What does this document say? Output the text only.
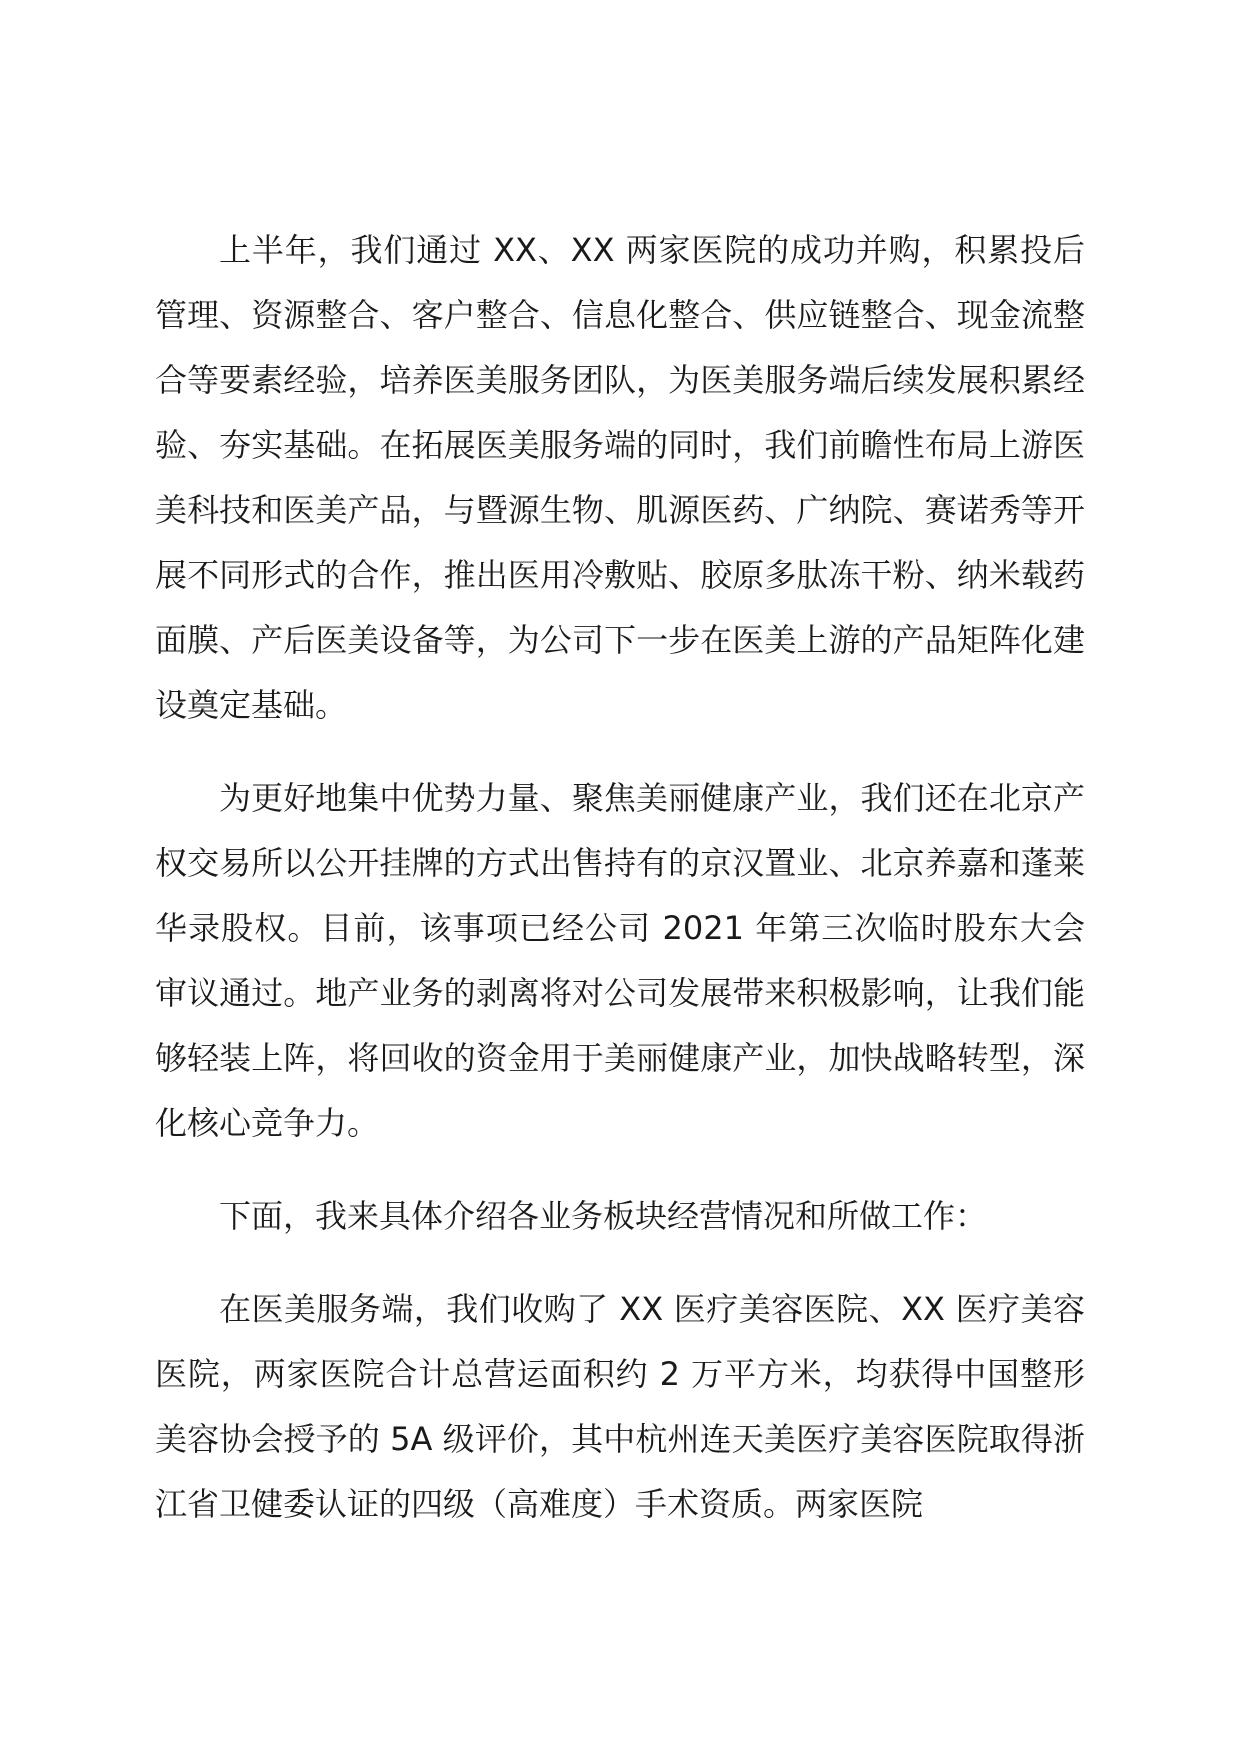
上半年，我们通过 XX、XX 两家医院的成功并购，积累投后管理、资源整合、客户整合、信息化整合、供应链整合、现金流整合等要素经验，培养医美服务团队，为医美服务端后续发展积累经验、夯实基础。在拓展医美服务端的同时，我们前瞻性布局上游医美科技和医美产品，与暨源生物、肌源医药、广纳院、赛诺秀等开展不同形式的合作，推出医用冷敷贴、胶原多肽冻干粉、纳米载药面膜、产后医美设备等，为公司下一步在医美上游的产品矩阵化建设奠定基础。

为更好地集中优势力量、聚焦美丽健康产业，我们还在北京产权交易所以公开挂牌的方式出售持有的京汉置业、北京养嘉和蓬莱华录股权。目前，该事项已经公司 2021 年第三次临时股东大会审议通过。地产业务的剥离将对公司发展带来积极影响，让我们能够轻装上阵，将回收的资金用于美丽健康产业，加快战略转型，深化核心竞争力。

下面，我来具体介绍各业务板块经营情况和所做工作：

在医美服务端，我们收购了 XX 医疗美容医院、XX 医疗美容医院，两家医院合计总营运面积约 2 万平方米，均获得中国整形美容协会授予的 5A 级评价，其中杭州连天美医疗美容医院取得浙江省卫健委认证的四级（高难度）手术资质。两家医院
